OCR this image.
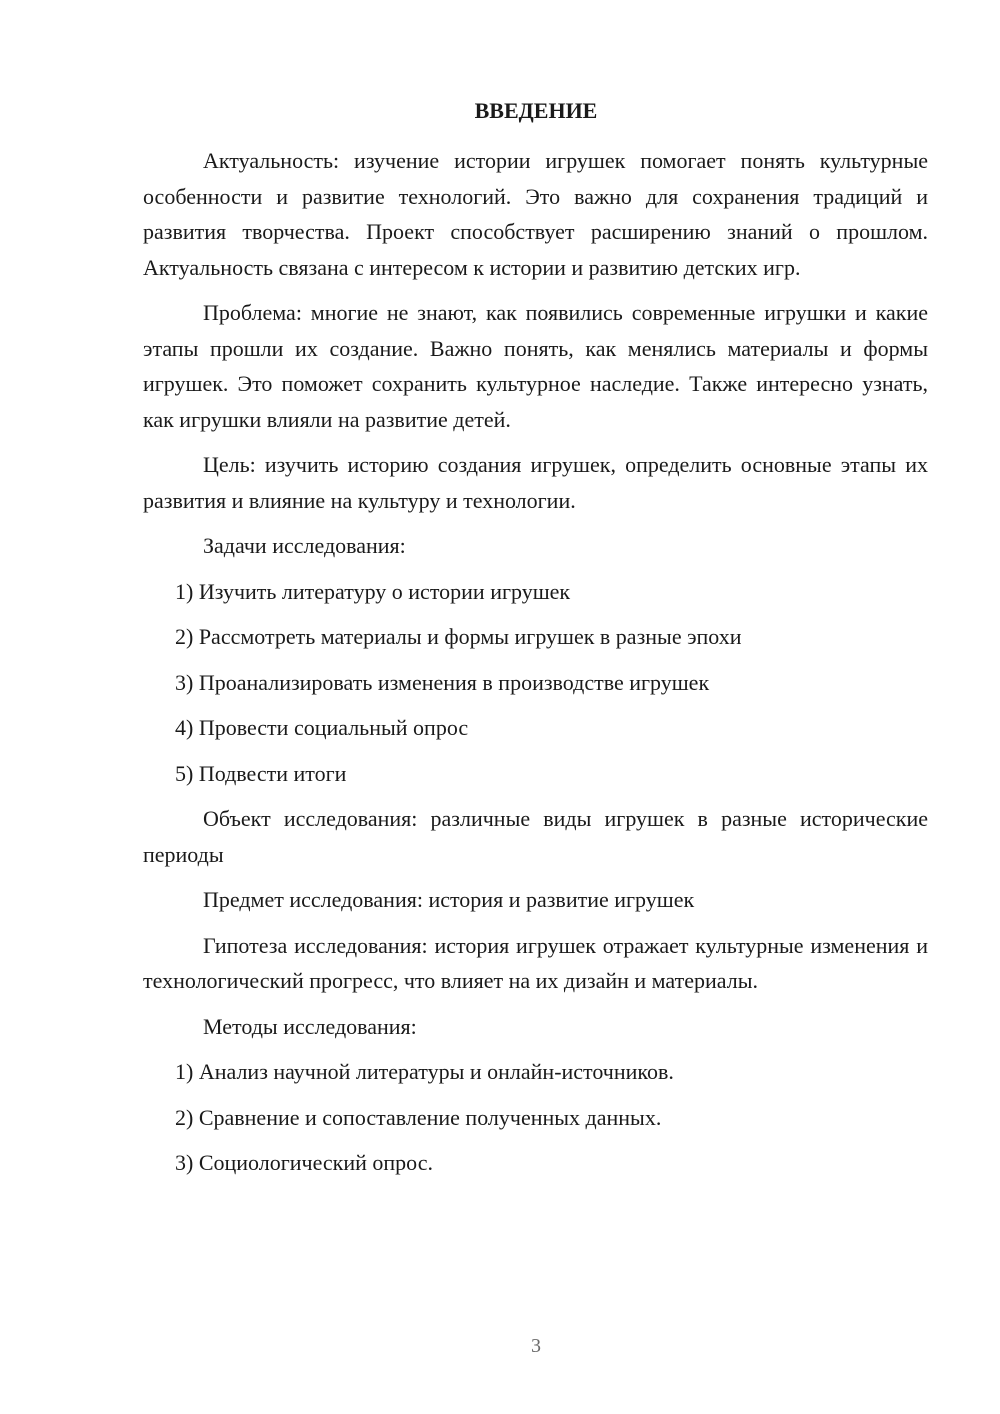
ВВЕДЕНИЕ

Актуальность: изучение истории игрушек помогает понять культурные особенности и развитие технологий. Это важно для сохранения традиций и развития творчества. Проект способствует расширению знаний о прошлом. Актуальность связана с интересом к истории и развитию детских игр.

Проблема: многие не знают, как появились современные игрушки и какие этапы прошли их создание. Важно понять, как менялись материалы и формы игрушек. Это поможет сохранить культурное наследие. Также интересно узнать, как игрушки влияли на развитие детей.

Цель: изучить историю создания игрушек, определить основные этапы их развития и влияние на культуру и технологии.

Задачи исследования:

1) Изучить литературу о истории игрушек

2) Рассмотреть материалы и формы игрушек в разные эпохи

3) Проанализировать изменения в производстве игрушек

4) Провести социальный опрос

5) Подвести итоги

Объект исследования: различные виды игрушек в разные исторические периоды

Предмет исследования: история и развитие игрушек

Гипотеза исследования: история игрушек отражает культурные изменения и технологический прогресс, что влияет на их дизайн и материалы.

Методы исследования:

1) Анализ научной литературы и онлайн-источников.

2) Сравнение и сопоставление полученных данных.

3) Социологический опрос.

3
